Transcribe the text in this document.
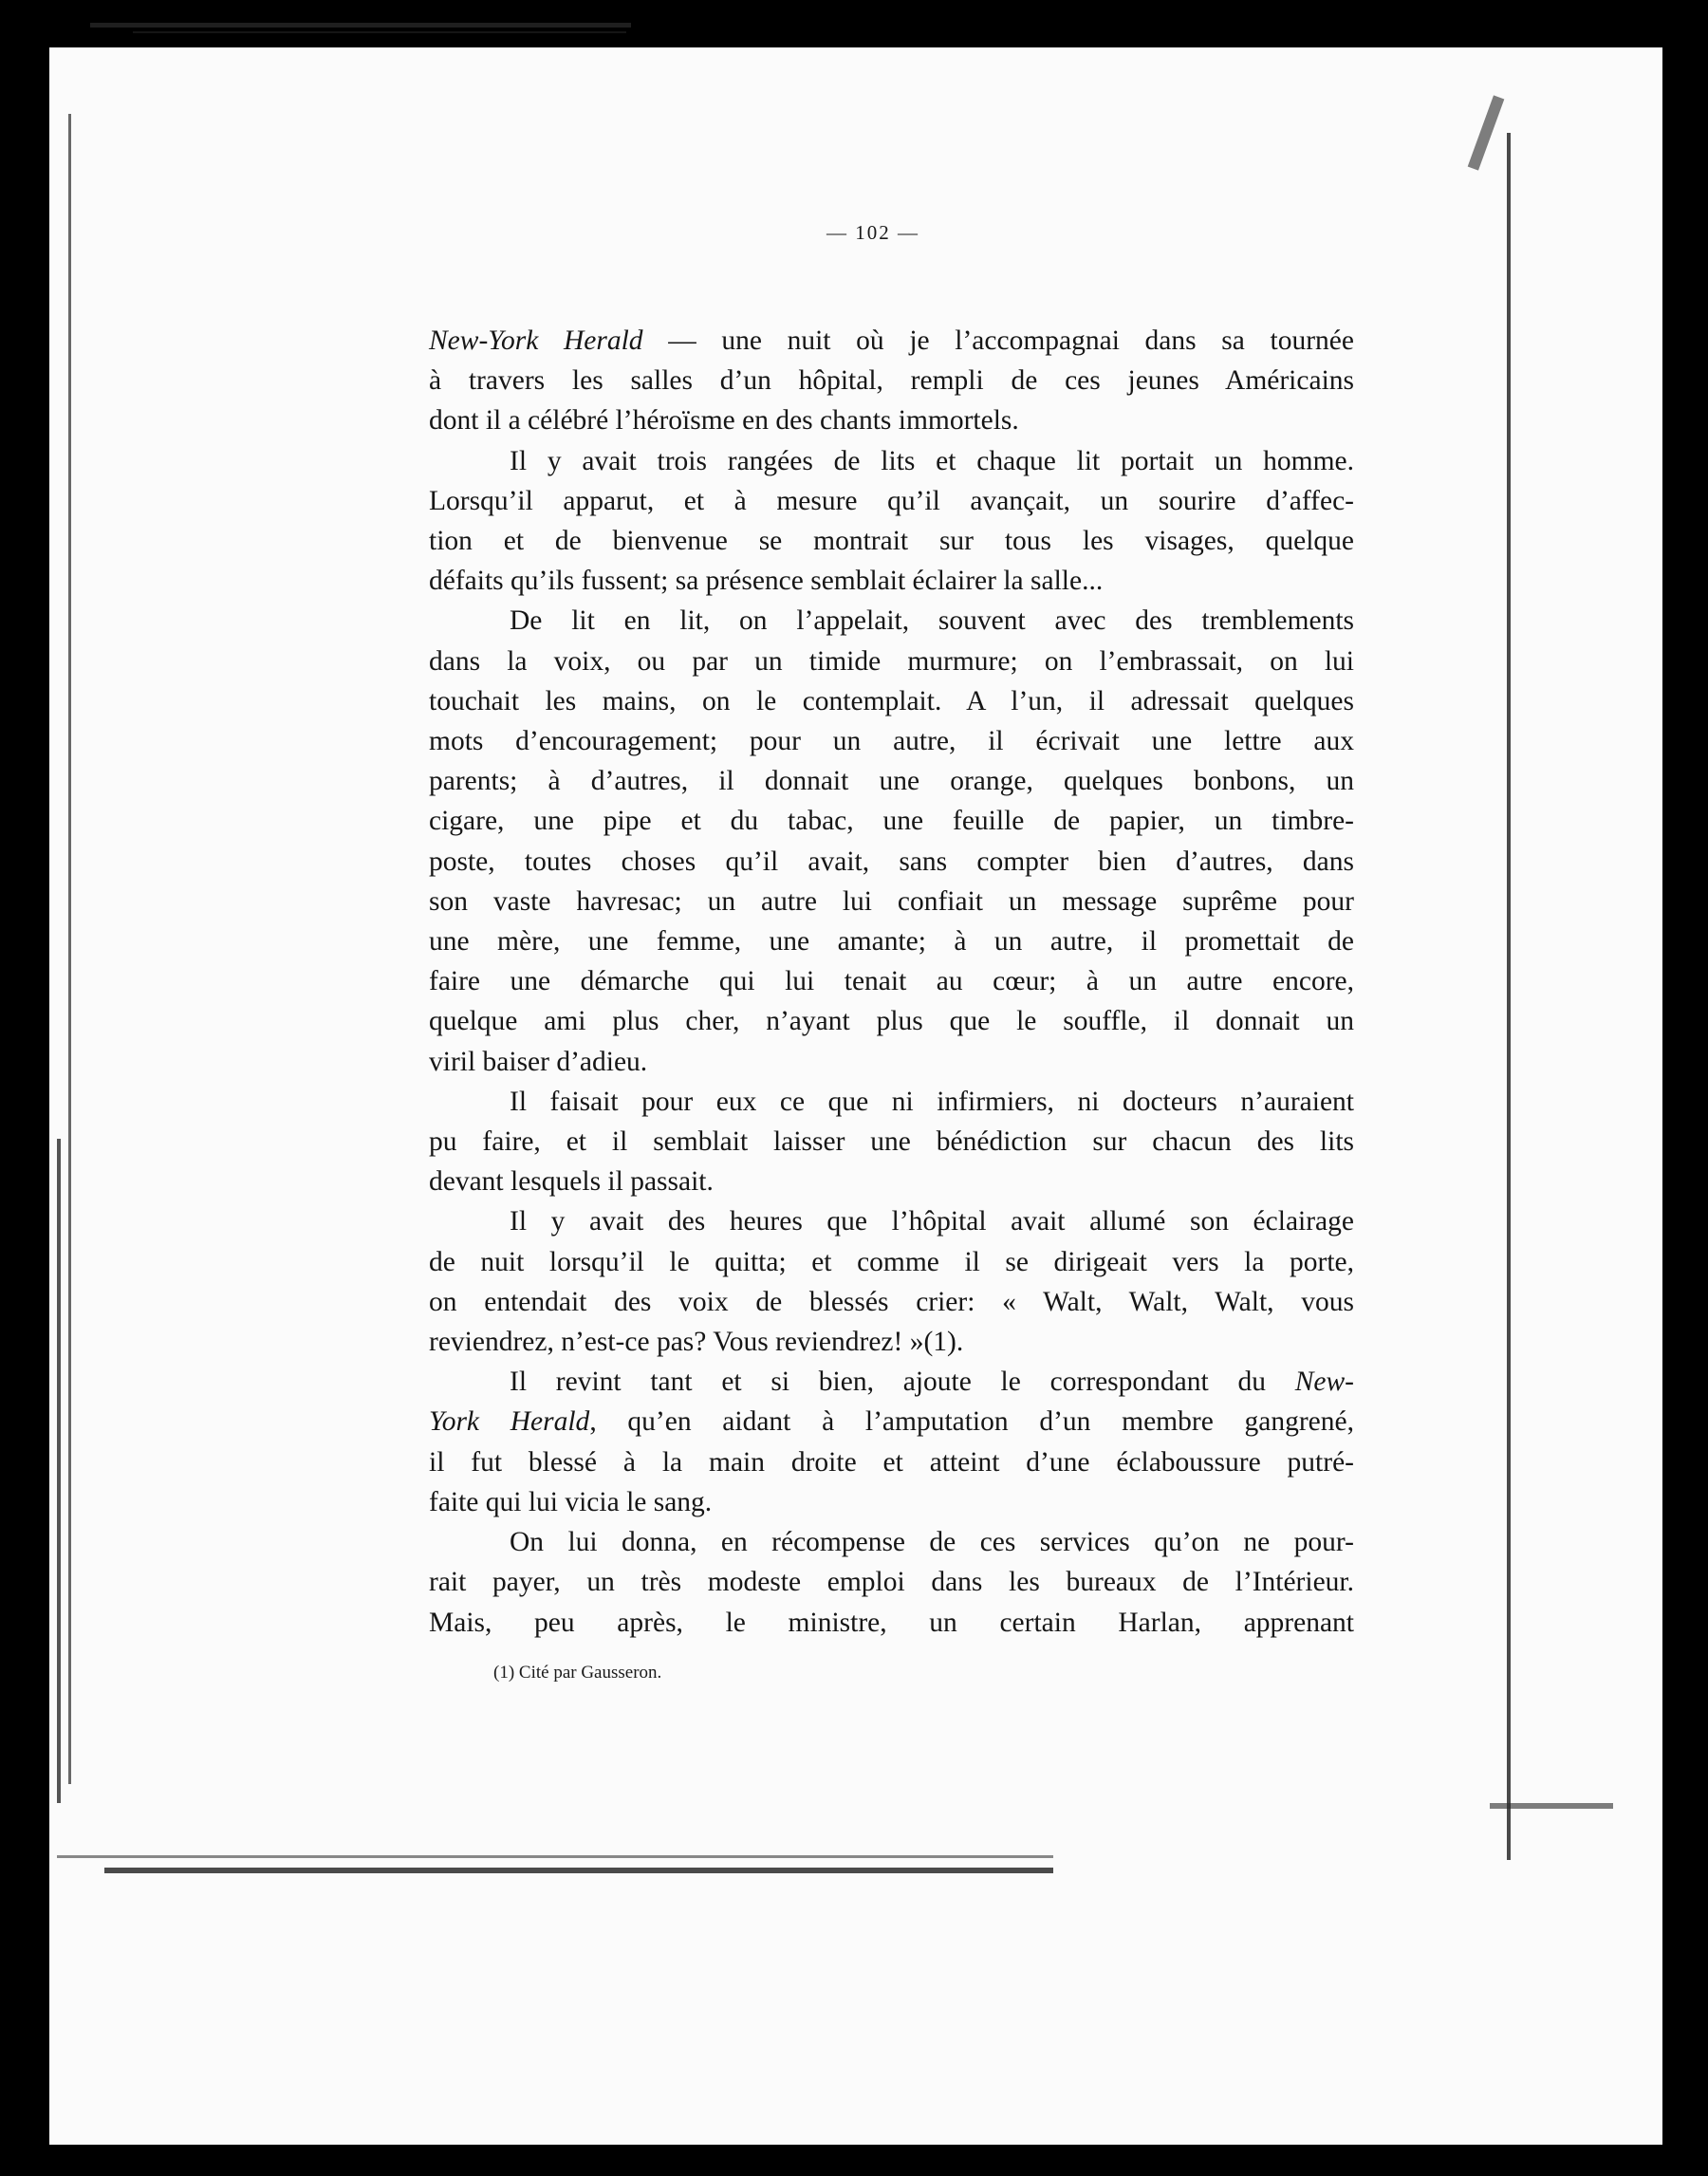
— 102 —
New-York Herald — une nuit où je l’accompagnai dans sa tournée
à travers les salles d’un hôpital, rempli de ces jeunes Américains
dont il a célébré l’héroïsme en des chants immortels.
Il y avait trois rangées de lits et chaque lit portait un homme.
Lorsqu’il apparut, et à mesure qu’il avançait, un sourire d’affec-
tion et de bienvenue se montrait sur tous les visages, quelque
défaits qu’ils fussent; sa présence semblait éclairer la salle...
De lit en lit, on l’appelait, souvent avec des tremblements
dans la voix, ou par un timide murmure; on l’embrassait, on lui
touchait les mains, on le contemplait. A l’un, il adressait quelques
mots d’encouragement; pour un autre, il écrivait une lettre aux
parents; à d’autres, il donnait une orange, quelques bonbons, un
cigare, une pipe et du tabac, une feuille de papier, un timbre-
poste, toutes choses qu’il avait, sans compter bien d’autres, dans
son vaste havresac; un autre lui confiait un message suprême pour
une mère, une femme, une amante; à un autre, il promettait de
faire une démarche qui lui tenait au cœur; à un autre encore,
quelque ami plus cher, n’ayant plus que le souffle, il donnait un
viril baiser d’adieu.
Il faisait pour eux ce que ni infirmiers, ni docteurs n’auraient
pu faire, et il semblait laisser une bénédiction sur chacun des lits
devant lesquels il passait.
Il y avait des heures que l’hôpital avait allumé son éclairage
de nuit lorsqu’il le quitta; et comme il se dirigeait vers la porte,
on entendait des voix de blessés crier: « Walt, Walt, Walt, vous
reviendrez, n’est-ce pas? Vous reviendrez! »(1).
Il revint tant et si bien, ajoute le correspondant du New-
York Herald, qu’en aidant à l’amputation d’un membre gangrené,
il fut blessé à la main droite et atteint d’une éclaboussure putré-
faite qui lui vicia le sang.
On lui donna, en récompense de ces services qu’on ne pour-
rait payer, un très modeste emploi dans les bureaux de l’Intérieur.
Mais, peu après, le ministre, un certain Harlan, apprenant
(1) Cité par Gausseron.
